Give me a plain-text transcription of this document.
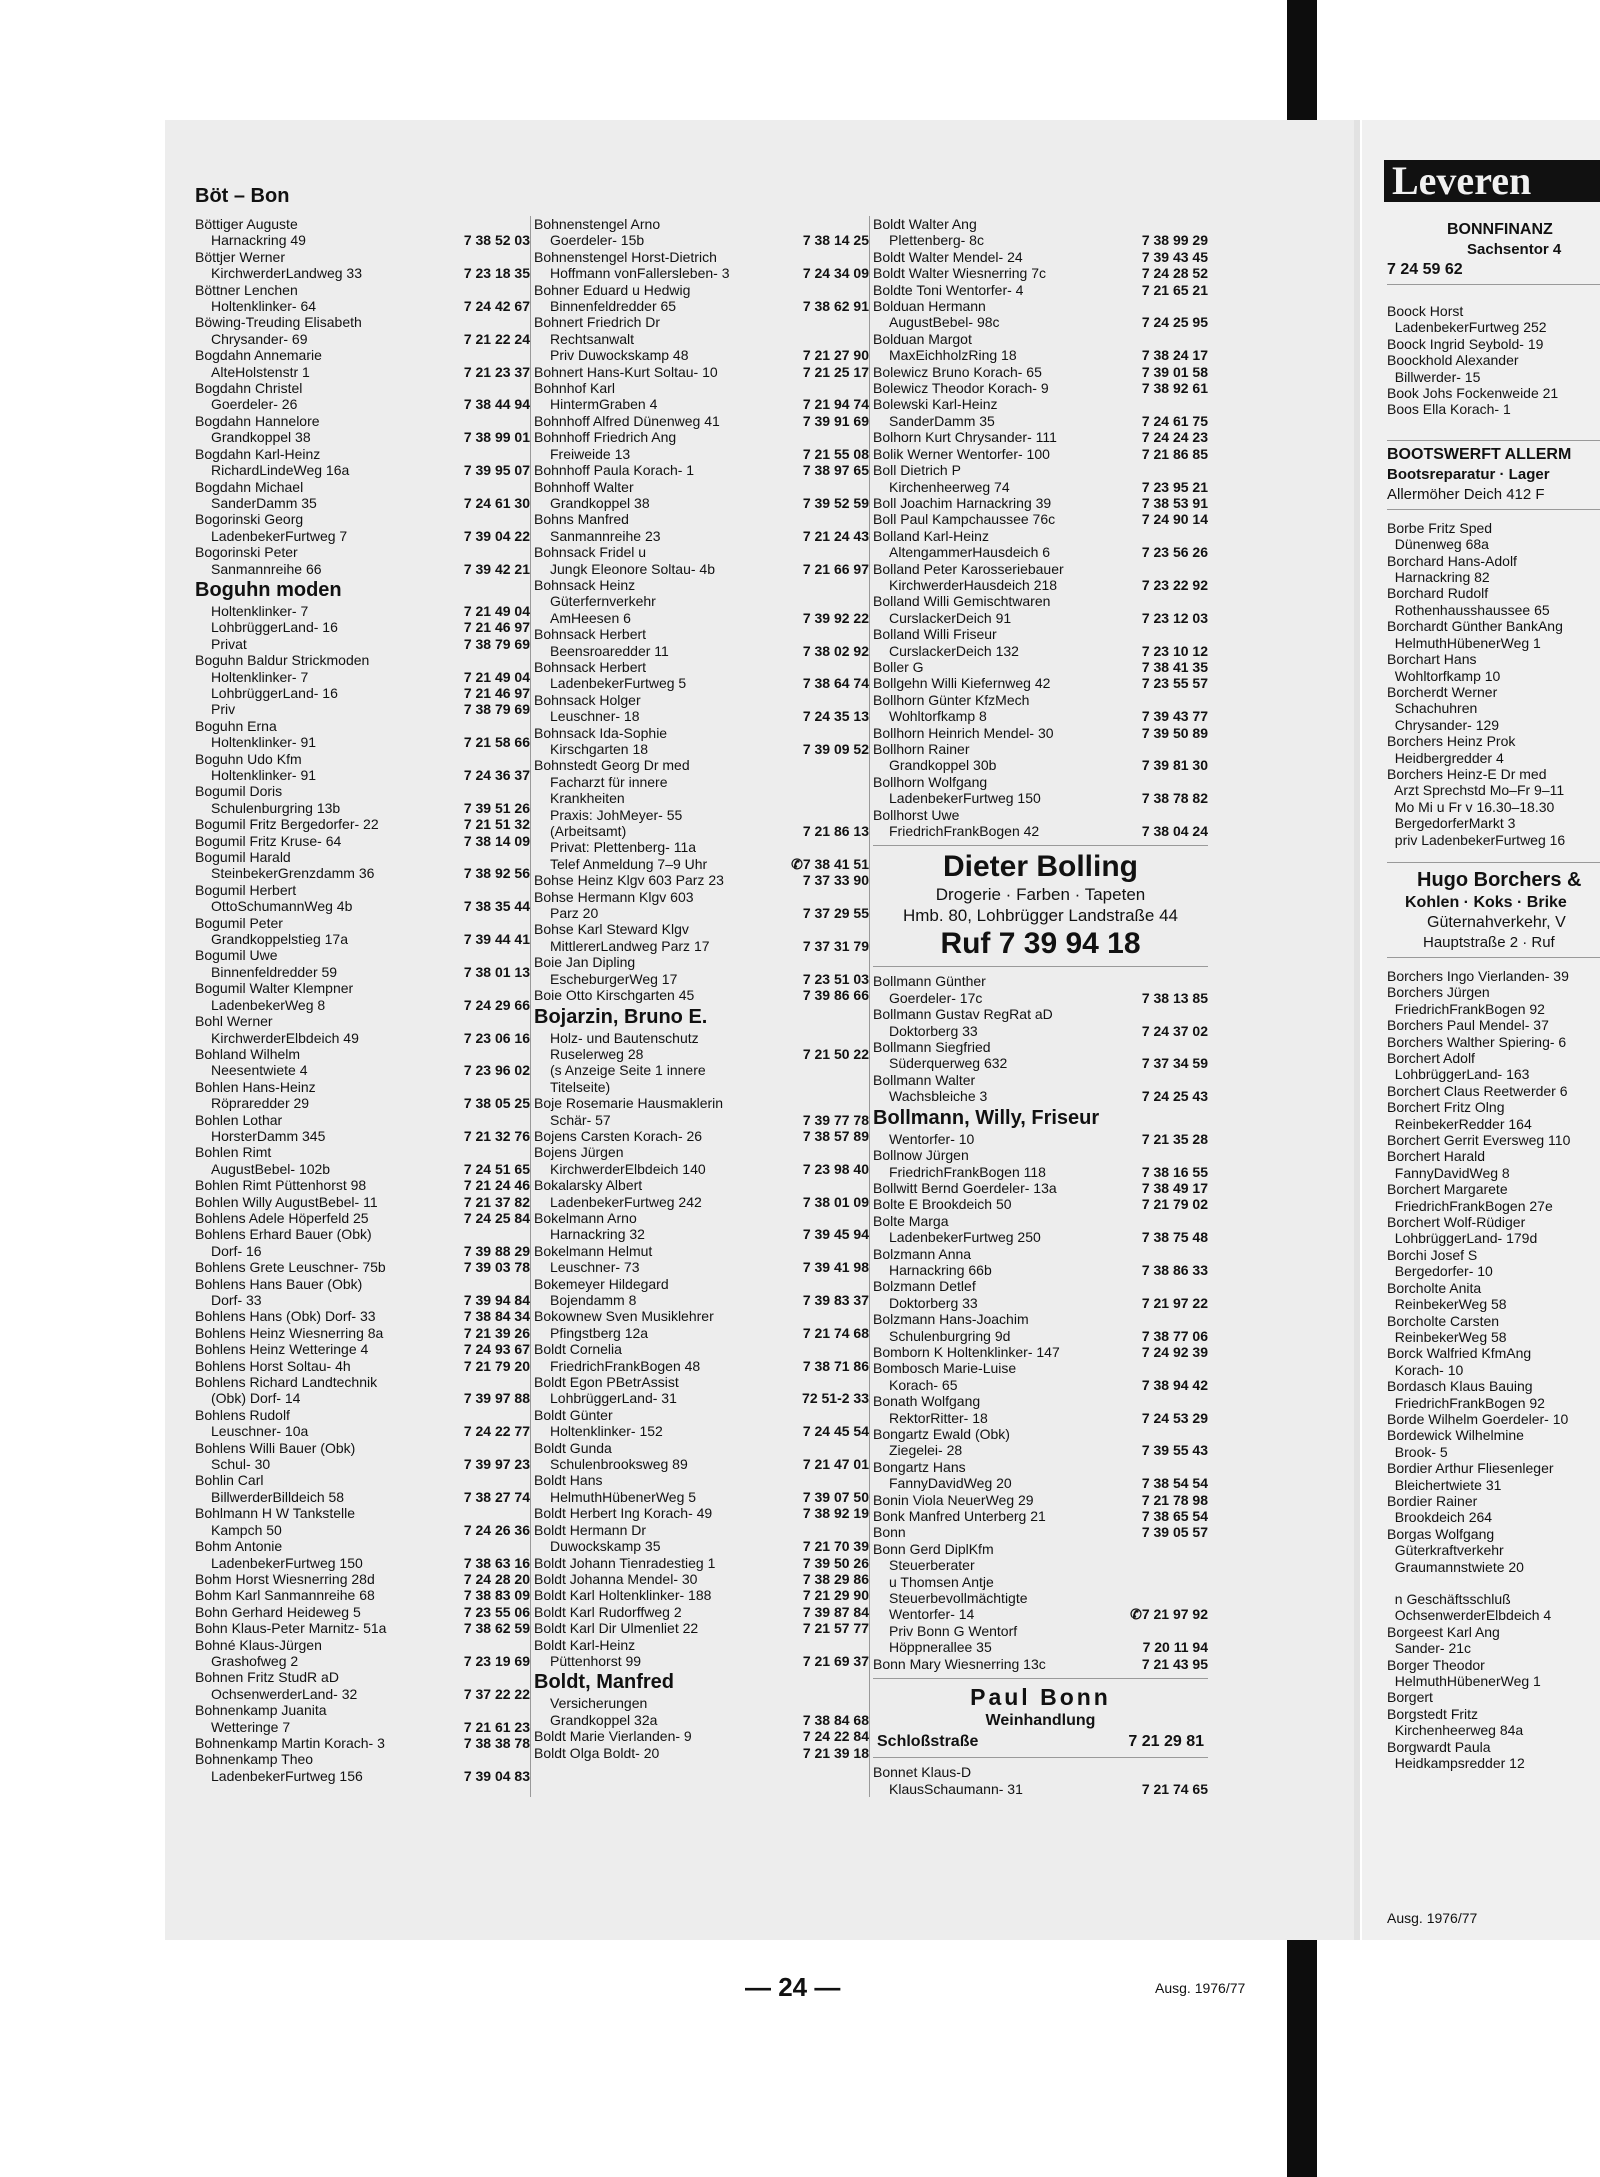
Böt – Bon
Böttiger Auguste
Harnackring 49	7 38 52 03
Böttjer Werner
KirchwerderLandweg 33	7 23 18 35
Böttner Lenchen
Holtenklinker- 64	7 24 42 67
Böwing-Treuding Elisabeth
Chrysander- 69	7 21 22 24
Bogdahn Annemarie
AlteHolstenstr 1	7 21 23 37
Bogdahn Christel
Goerdeler- 26	7 38 44 94
Bogdahn Hannelore
Grandkoppel 38	7 38 99 01
Bogdahn Karl-Heinz
RichardLindeWeg 16a	7 39 95 07
Bogdahn Michael
SanderDamm 35	7 24 61 30
Bogorinski Georg
LadenbekerFurtweg 7	7 39 04 22
Bogorinski Peter
Sanmannreihe 66	7 39 42 21
Boguhn moden
Holtenklinker- 7	7 21 49 04
LohbrüggerLand- 16	7 21 46 97
Privat	7 38 79 69
Boguhn Baldur Strickmoden
Holtenklinker- 7	7 21 49 04
LohbrüggerLand- 16	7 21 46 97
Priv	7 38 79 69
Boguhn Erna
Holtenklinker- 91	7 21 58 66
Boguhn Udo Kfm
Holtenklinker- 91	7 24 36 37
Bogumil Doris
Schulenburgring 13b	7 39 51 26
Bogumil Fritz Bergedorfer- 22	7 21 51 32
Bogumil Fritz Kruse- 64	7 38 14 09
Bogumil Harald
SteinbekerGrenzdamm 36	7 38 92 56
Bogumil Herbert
OttoSchumannWeg 4b	7 38 35 44
Bogumil Peter
Grandkoppelstieg 17a	7 39 44 41
Bogumil Uwe
Binnenfeldredder 59	7 38 01 13
Bogumil Walter Klempner
LadenbekerWeg 8	7 24 29 66
Bohl Werner
KirchwerderElbdeich 49	7 23 06 16
Bohland Wilhelm
Neesentwiete 4	7 23 96 02
Bohlen Hans-Heinz
Röpraredder 29	7 38 05 25
Bohlen Lothar
HorsterDamm 345	7 21 32 76
Bohlen Rimt
AugustBebel- 102b	7 24 51 65
Bohlen Rimt Püttenhorst 98	7 21 24 46
Bohlen Willy AugustBebel- 11	7 21 37 82
Bohlens Adele Höperfeld 25	7 24 25 84
Bohlens Erhard Bauer (Obk)
Dorf- 16	7 39 88 29
Bohlens Grete Leuschner- 75b	7 39 03 78
Bohlens Hans Bauer (Obk)
Dorf- 33	7 39 94 84
Bohlens Hans (Obk) Dorf- 33	7 38 84 34
Bohlens Heinz Wiesnerring 8a	7 21 39 26
Bohlens Heinz Wetteringe 4	7 24 93 67
Bohlens Horst Soltau- 4h	7 21 79 20
Bohlens Richard Landtechnik
(Obk) Dorf- 14	7 39 97 88
Bohlens Rudolf
Leuschner- 10a	7 24 22 77
Bohlens Willi Bauer (Obk)
Schul- 30	7 39 97 23
Bohlin Carl
BillwerderBilldeich 58	7 38 27 74
Bohlmann H W Tankstelle
Kampch 50	7 24 26 36
Bohm Antonie
LadenbekerFurtweg 150	7 38 63 16
Bohm Horst Wiesnerring 28d	7 24 28 20
Bohm Karl Sanmannreihe 68	7 38 83 09
Bohn Gerhard Heideweg 5	7 23 55 06
Bohn Klaus-Peter Marnitz- 51a	7 38 62 59
Bohné Klaus-Jürgen
Grashofweg 2	7 23 19 69
Bohnen Fritz StudR aD
OchsenwerderLand- 32	7 37 22 22
Bohnenkamp Juanita
Wetteringe 7	7 21 61 23
Bohnenkamp Martin Korach- 3	7 38 38 78
Bohnenkamp Theo
LadenbekerFurtweg 156	7 39 04 83
Bohnenstengel Arno
Goerdeler- 15b	7 38 14 25
Bohnenstengel Horst-Dietrich
Hoffmann vonFallersleben- 3	7 24 34 09
Bohner Eduard u Hedwig
Binnenfeldredder 65	7 38 62 91
Bohnert Friedrich Dr
Rechtsanwalt
Priv Duwockskamp 48	7 21 27 90
Bohnert Hans-Kurt Soltau- 10	7 21 25 17
Bohnhof Karl
HintermGraben 4	7 21 94 74
Bohnhoff Alfred Dünenweg 41	7 39 91 69
Bohnhoff Friedrich Ang
Freiweide 13	7 21 55 08
Bohnhoff Paula Korach- 1	7 38 97 65
Bohnhoff Walter
Grandkoppel 38	7 39 52 59
Bohns Manfred
Sanmannreihe 23	7 21 24 43
Bohnsack Fridel u
Jungk Eleonore Soltau- 4b	7 21 66 97
Bohnsack Heinz
Güterfernverkehr
AmHeesen 6	7 39 92 22
Bohnsack Herbert
Beensroaredder 11	7 38 02 92
Bohnsack Herbert
LadenbekerFurtweg 5	7 38 64 74
Bohnsack Holger
Leuschner- 18	7 24 35 13
Bohnsack Ida-Sophie
Kirschgarten 18	7 39 09 52
Bohnstedt Georg Dr med
Facharzt für innere
Krankheiten
Praxis: JohMeyer- 55
(Arbeitsamt)	7 21 86 13
Privat: Plettenberg- 11a
Telef Anmeldung 7–9 Uhr	✆7 38 41 51
Bohse Heinz Klgv 603 Parz 23	7 37 33 90
Bohse Hermann Klgv 603
Parz 20	7 37 29 55
Bohse Karl Steward Klgv
MittlererLandweg Parz 17	7 37 31 79
Boie Jan Dipling
EscheburgerWeg 17	7 23 51 03
Boie Otto Kirschgarten 45	7 39 86 66
Bojarzin, Bruno E.
Holz- und Bautenschutz
Ruselerweg 28	7 21 50 22
(s Anzeige Seite 1 innere
Titelseite)
Boje Rosemarie Hausmaklerin
Schär- 57	7 39 77 78
Bojens Carsten Korach- 26	7 38 57 89
Bojens Jürgen
KirchwerderElbdeich 140	7 23 98 40
Bokalarsky Albert
LadenbekerFurtweg 242	7 38 01 09
Bokelmann Arno
Harnackring 32	7 39 45 94
Bokelmann Helmut
Leuschner- 73	7 39 41 98
Bokemeyer Hildegard
Bojendamm 8	7 39 83 37
Bokownew Sven Musiklehrer
Pfingstberg 12a	7 21 74 68
Boldt Cornelia
FriedrichFrankBogen 48	7 38 71 86
Boldt Egon PBetrAssist
LohbrüggerLand- 31	72 51-2 33
Boldt Günter
Holtenklinker- 152	7 24 45 54
Boldt Gunda
Schulenbrooksweg 89	7 21 47 01
Boldt Hans
HelmuthHübenerWeg 5	7 39 07 50
Boldt Herbert Ing Korach- 49	7 38 92 19
Boldt Hermann Dr
Duwockskamp 35	7 21 70 39
Boldt Johann Tienradestieg 1	7 39 50 26
Boldt Johanna Mendel- 30	7 38 29 86
Boldt Karl Holtenklinker- 188	7 21 29 90
Boldt Karl Rudorffweg 2	7 39 87 84
Boldt Karl Dir Ulmenliet 22	7 21 57 77
Boldt Karl-Heinz
Püttenhorst 99	7 21 69 37
Boldt, Manfred
Versicherungen
Grandkoppel 32a	7 38 84 68
Boldt Marie Vierlanden- 9	7 24 22 84
Boldt Olga Boldt- 20	7 21 39 18
Boldt Walter Ang
Plettenberg- 8c	7 38 99 29
Boldt Walter Mendel- 24	7 39 43 45
Boldt Walter Wiesnerring 7c	7 24 28 52
Boldte Toni Wentorfer- 4	7 21 65 21
Bolduan Hermann
AugustBebel- 98c	7 24 25 95
Bolduan Margot
MaxEichholzRing 18	7 38 24 17
Bolewicz Bruno Korach- 65	7 39 01 58
Bolewicz Theodor Korach- 9	7 38 92 61
Bolewski Karl-Heinz
SanderDamm 35	7 24 61 75
Bolhorn Kurt Chrysander- 111	7 24 24 23
Bolik Werner Wentorfer- 100	7 21 86 85
Boll Dietrich P
Kirchenheerweg 74	7 23 95 21
Boll Joachim Harnackring 39	7 38 53 91
Boll Paul Kampchaussee 76c	7 24 90 14
Bolland Karl-Heinz
AltengammerHausdeich 6	7 23 56 26
Bolland Peter Karosseriebauer
KirchwerderHausdeich 218	7 23 22 92
Bolland Willi Gemischtwaren
CurslackerDeich 91	7 23 12 03
Bolland Willi Friseur
CurslackerDeich 132	7 23 10 12
Boller G	7 38 41 35
Bollgehn Willi Kiefernweg 42	7 23 55 57
Bollhorn Günter KfzMech
Wohltorfkamp 8	7 39 43 77
Bollhorn Heinrich Mendel- 30	7 39 50 89
Bollhorn Rainer
Grandkoppel 30b	7 39 81 30
Bollhorn Wolfgang
LadenbekerFurtweg 150	7 38 78 82
Bollhorst Uwe
FriedrichFrankBogen 42	7 38 04 24
Dieter Bolling
Drogerie · Farben · Tapeten
Hmb. 80, Lohbrügger Landstraße 44
Ruf 7 39 94 18
Bollmann Günther
Goerdeler- 17c	7 38 13 85
Bollmann Gustav RegRat aD
Doktorberg 33	7 24 37 02
Bollmann Siegfried
Süderquerweg 632	7 37 34 59
Bollmann Walter
Wachsbleiche 3	7 24 25 43
Bollmann, Willy, Friseur
Wentorfer- 10	7 21 35 28
Bollnow Jürgen
FriedrichFrankBogen 118	7 38 16 55
Bollwitt Bernd Goerdeler- 13a	7 38 49 17
Bolte E Brookdeich 50	7 21 79 02
Bolte Marga
LadenbekerFurtweg 250	7 38 75 48
Bolzmann Anna
Harnackring 66b	7 38 86 33
Bolzmann Detlef
Doktorberg 33	7 21 97 22
Bolzmann Hans-Joachim
Schulenburgring 9d	7 38 77 06
Bomborn K Holtenklinker- 147	7 24 92 39
Bombosch Marie-Luise
Korach- 65	7 38 94 42
Bonath Wolfgang
RektorRitter- 18	7 24 53 29
Bongartz Ewald (Obk)
Ziegelei- 28	7 39 55 43
Bongartz Hans
FannyDavidWeg 20	7 38 54 54
Bonin Viola NeuerWeg 29	7 21 78 98
Bonk Manfred Unterberg 21	7 38 65 54
Bonn	7 39 05 57
Bonn Gerd DiplKfm
Steuerberater
u Thomsen Antje
Steuerbevollmächtigte
Wentorfer- 14	✆7 21 97 92
Priv Bonn G Wentorf
Höppnerallee 35	7 20 11 94
Bonn Mary Wiesnerring 13c	7 21 43 95
Paul Bonn
Weinhandlung
Schloßstraße	7 21 29 81
Bonnet Klaus-D
KlausSchaumann- 31	7 21 74 65
— 24 —	Ausg. 1976/77
Leveren
BONNFINANZ
Sachsentor 4
7 24 59 62
Boock Horst
LadenbekerFurtweg 252
Boock Ingrid Seybold- 19
Boockhold Alexander
Billwerder- 15
Book Johs Fockenweide 21
Boos Ella Korach- 1
BOOTSWERFT ALLERM
Bootsreparatur · Lager
Allermöher Deich 412 F
Borbe Fritz Sped
Dünenweg 68a
Borchard Hans-Adolf
Harnackring 82
Borchard Rudolf
Rothenhausshaussee 65
Borchardt Günther BankAng
HelmuthHübenerWeg 1
Borchart Hans
Wohltorfkamp 10
Borcherdt Werner
Schachuhren
Chrysander- 129
Borchers Heinz Prok
Heidbergredder 4
Borchers Heinz-E Dr med
Arzt Sprechstd Mo–Fr 9–11
Mo Mi u Fr v 16.30–18.30
BergedorferMarkt 3
priv LadenbekerFurtweg 16
Hugo Borchers &
Kohlen · Koks · Brike
Güternahverkehr, V
Hauptstraße 2 · Ruf
Borchers Ingo Vierlanden- 39
Borchers Jürgen
FriedrichFrankBogen 92
Borchers Paul Mendel- 37
Borchers Walther Spiering- 6
Borchert Adolf
LohbrüggerLand- 163
Borchert Claus Reetwerder 6
Borchert Fritz Olng
ReinbekerRedder 164
Borchert Gerrit Eversweg 110
Borchert Harald
FannyDavidWeg 8
Borchert Margarete
FriedrichFrankBogen 27e
Borchert Wolf-Rüdiger
LohbrüggerLand- 179d
Borchi Josef S
Bergedorfer- 10
Borcholte Anita
ReinbekerWeg 58
Borcholte Carsten
ReinbekerWeg 58
Borck Walfried KfmAng
Korach- 10
Bordasch Klaus Bauing
FriedrichFrankBogen 92
Borde Wilhelm Goerdeler- 10
Bordewick Wilhelmine
Brook- 5
Bordier Arthur Fliesenleger
Bleichertwiete 31
Bordier Rainer
Brookdeich 264
Borgas Wolfgang
Güterkraftverkehr
Graumannstwiete 20
n Geschäftsschluß
OchsenwerderElbdeich 4
Borgeest Karl Ang
Sander- 21c
Borger Theodor
HelmuthHübenerWeg 1
Borgert
Borgstedt Fritz
Kirchenheerweg 84a
Borgwardt Paula
Heidkampsredder 12
Ausg. 1976/77
